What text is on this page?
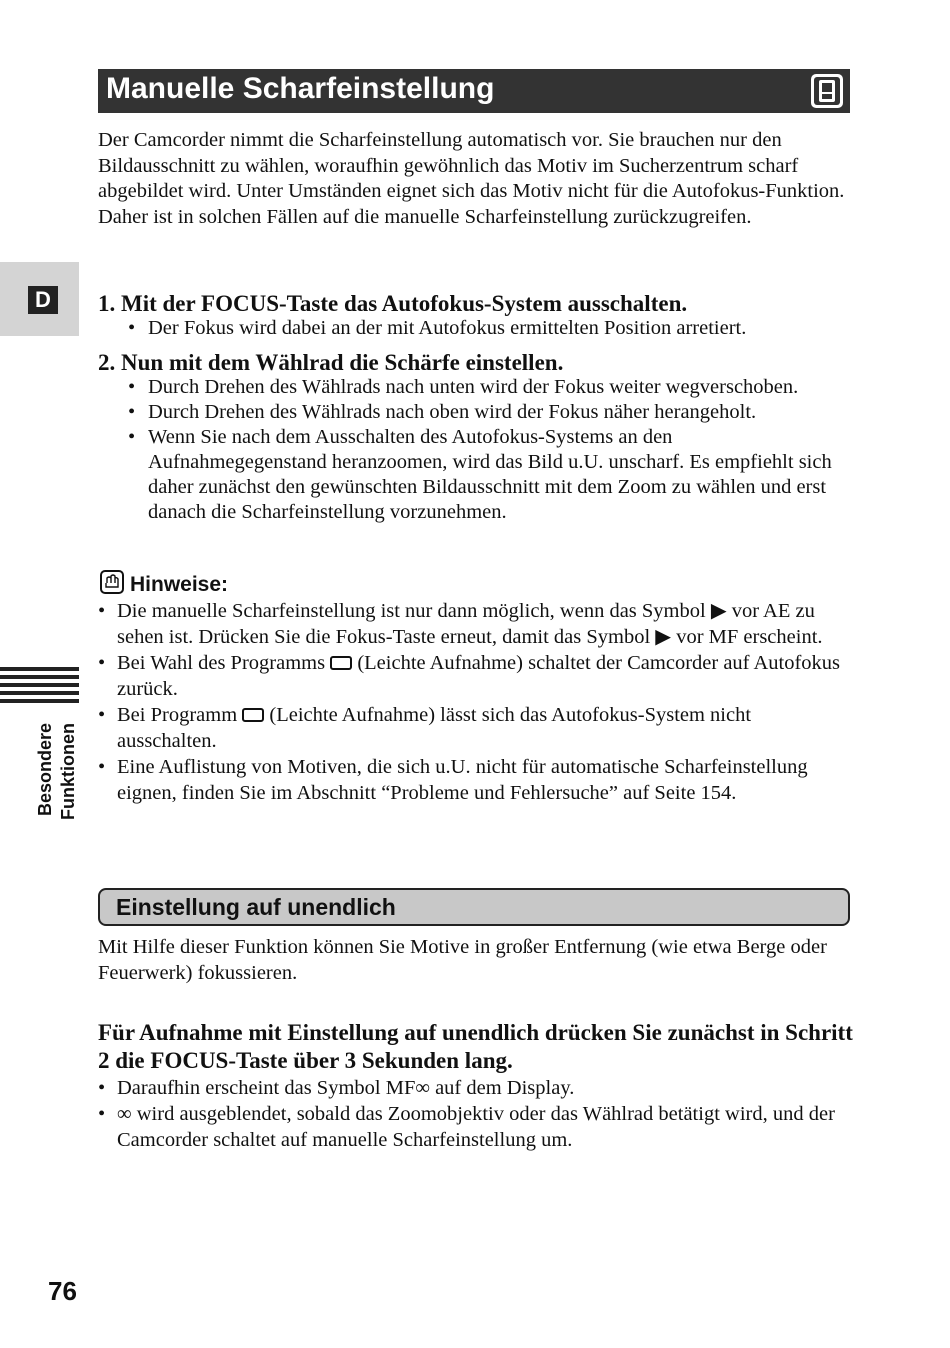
Manuelle Scharfeinstellung
Der Camcorder nimmt die Scharfeinstellung automatisch vor. Sie brauchen nur den Bildausschnitt zu wählen, woraufhin gewöhnlich das Motiv im Sucherzentrum scharf abgebildet wird. Unter Umständen eignet sich das Motiv nicht für die Autofokus-Funktion. Daher ist in solchen Fällen auf die manuelle Scharfeinstellung zurückzugreifen.
D
Besondere Funktionen
1. Mit der FOCUS-Taste das Autofokus-System ausschalten.
• Der Fokus wird dabei an der mit Autofokus ermittelten Position arretiert.
2. Nun mit dem Wählrad die Schärfe einstellen.
• Durch Drehen des Wählrads nach unten wird der Fokus weiter wegverschoben.
• Durch Drehen des Wählrads nach oben wird der Fokus näher herangeholt.
• Wenn Sie nach dem Ausschalten des Autofokus-Systems an den Aufnahmegegenstand heranzoomen, wird das Bild u.U. unscharf. Es empfiehlt sich daher zunächst den gewünschten Bildausschnitt mit dem Zoom zu wählen und erst danach die Scharfeinstellung vorzunehmen.
Hinweise:
• Die manuelle Scharfeinstellung ist nur dann möglich, wenn das Symbol ▶ vor AE zu sehen ist. Drücken Sie die Fokus-Taste erneut, damit das Symbol ▶ vor MF erscheint.
• Bei Wahl des Programms (Leichte Aufnahme) schaltet der Camcorder auf Autofokus zurück.
• Bei Programm (Leichte Aufnahme) lässt sich das Autofokus-System nicht ausschalten.
• Eine Auflistung von Motiven, die sich u.U. nicht für automatische Scharfeinstellung eignen, finden Sie im Abschnitt “Probleme und Fehlersuche” auf Seite 154.
Einstellung auf unendlich
Mit Hilfe dieser Funktion können Sie Motive in großer Entfernung (wie etwa Berge oder Feuerwerk) fokussieren.
Für Aufnahme mit Einstellung auf unendlich drücken Sie zunächst in Schritt 2 die FOCUS-Taste über 3 Sekunden lang.
• Daraufhin erscheint das Symbol MF∞ auf dem Display.
• ∞ wird ausgeblendet, sobald das Zoomobjektiv oder das Wählrad betätigt wird, und der Camcorder schaltet auf manuelle Scharfeinstellung um.
76
